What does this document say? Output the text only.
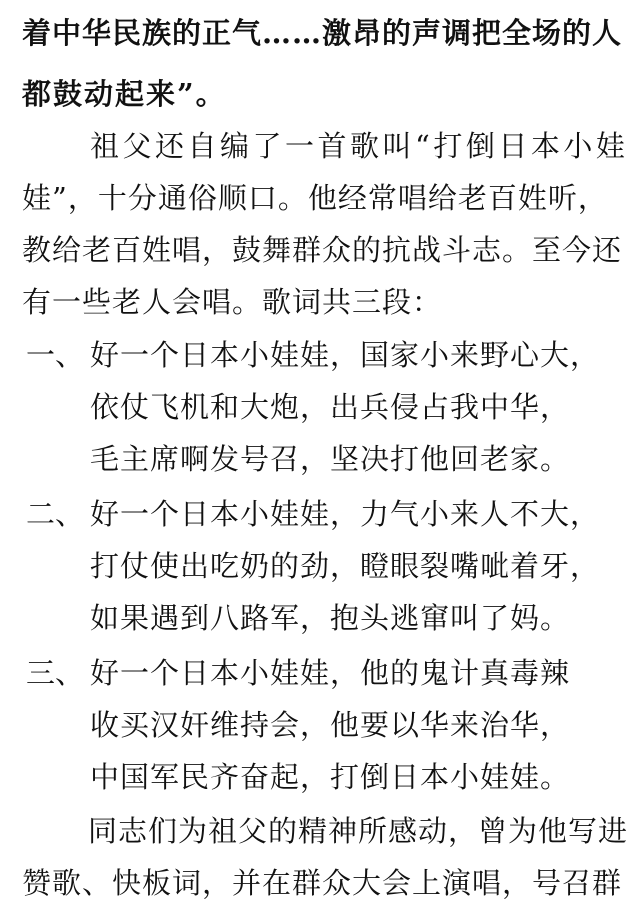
着中华民族的正气……激昂的声调把全场的人
都鼓动起来”。
祖父还自编了一首歌叫“打倒日本小娃
娃”，十分通俗顺口。他经常唱给老百姓听，
教给老百姓唱，鼓舞群众的抗战斗志。至今还
有一些老人会唱。歌词共三段：
一、 好一个日本小娃娃，国家小来野心大，
依仗飞机和大炮，出兵侵占我中华，
毛主席啊发号召，坚决打他回老家。
二、 好一个日本小娃娃，力气小来人不大，
打仗使出吃奶的劲，瞪眼裂嘴呲着牙，
如果遇到八路军，抱头逃窜叫了妈。
三、 好一个日本小娃娃，他的鬼计真毒辣
收买汉奸维持会，他要以华来治华，
中国军民齐奋起，打倒日本小娃娃。
同志们为祖父的精神所感动，曾为他写进
赞歌、快板词，并在群众大会上演唱，号召群
